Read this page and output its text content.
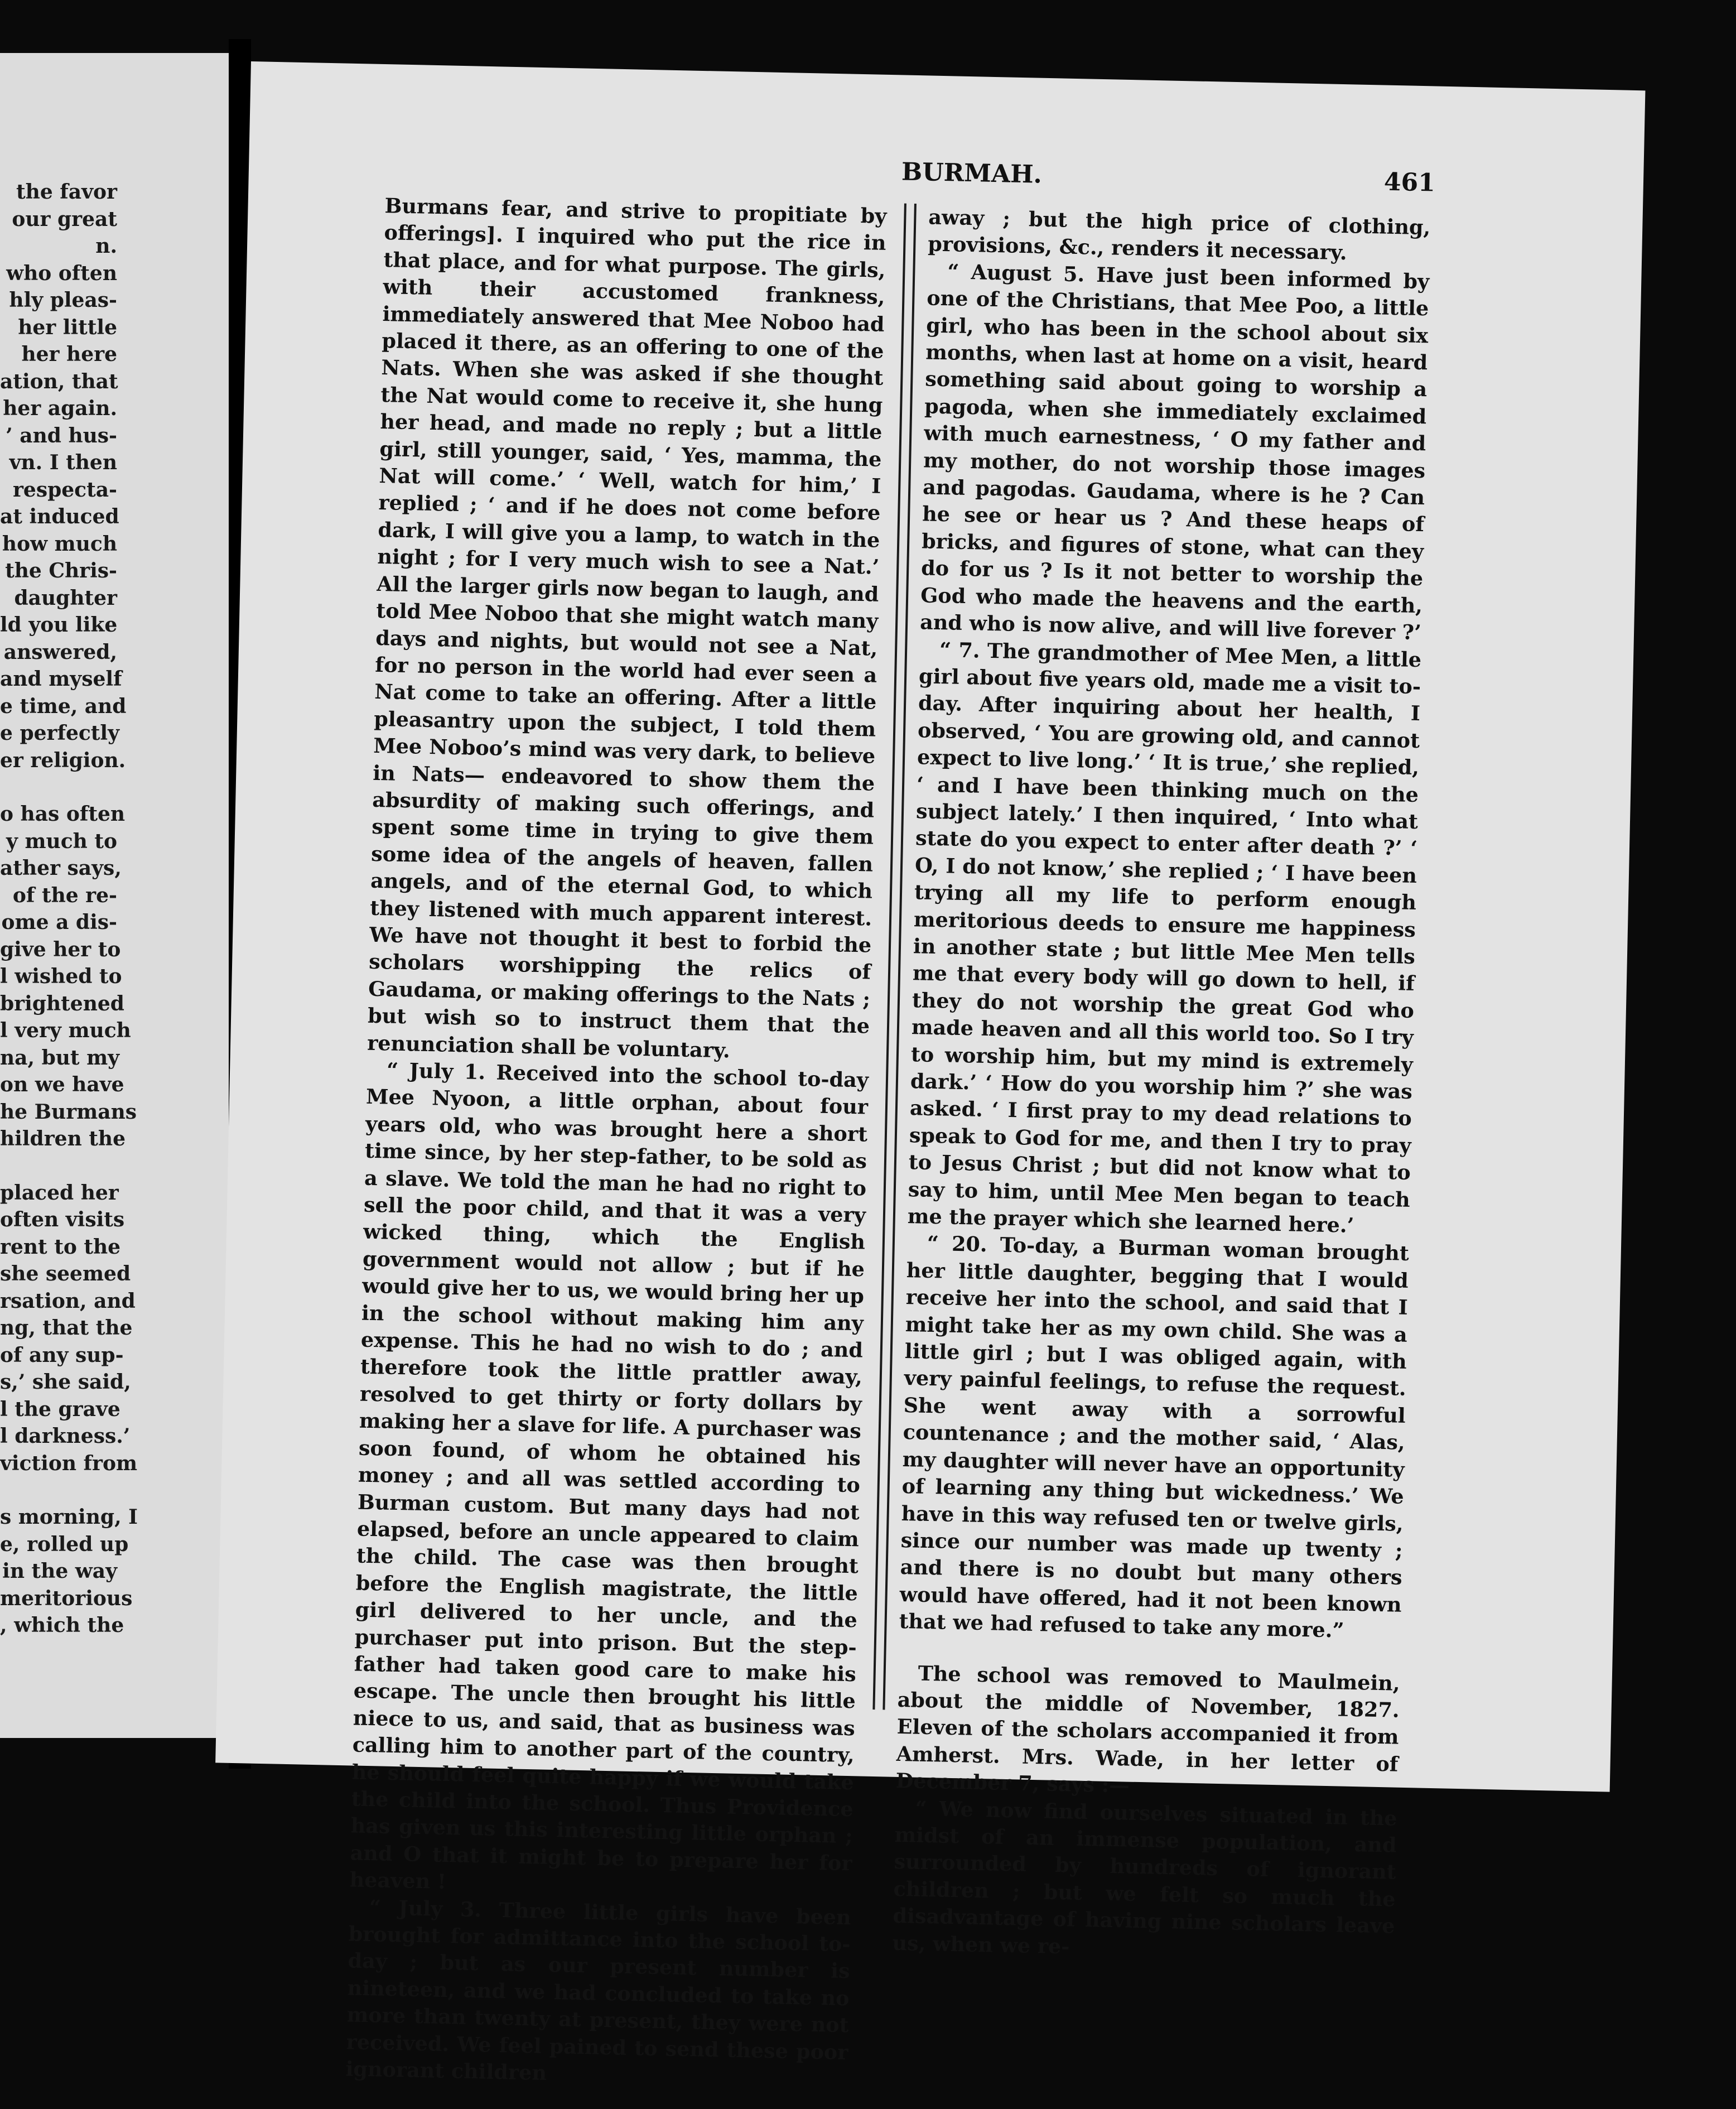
the favor
our great
n.
who often
hly pleas-
her little
her here
ation, that
her again.
’ and hus-
vn. I then
respecta-
at induced
how much
the Chris-
daughter
ld you like
answered,
and myself
e time, and
e perfectly
er religion.
o has often
y much to
ather says,
of the re-
ome a dis-
give her to
l wished to
brightened
l very much
na, but my
on we have
he Burmans
hildren the
placed her
often visits
rent to the
she seemed
rsation, and
ng, that the
of any sup-
s,’ she said,
l the grave
l darkness.’
viction from
s morning, I
e, rolled up
in the way
meritorious
, which the
BURMAH.	461

Burmans fear, and strive to propitiate by offerings]. I inquired who put the rice in that place, and for what purpose. The girls, with their accustomed frankness, immediately answered that Mee Noboo had placed it there, as an offering to one of the Nats. When she was asked if she thought the Nat would come to receive it, she hung her head, and made no reply ; but a little girl, still younger, said, ‘ Yes, mamma, the Nat will come.’ ‘ Well, watch for him,’ I replied ; ‘ and if he does not come before dark, I will give you a lamp, to watch in the night ; for I very much wish to see a Nat.’ All the larger girls now began to laugh, and told Mee Noboo that she might watch many days and nights, but would not see a Nat, for no person in the world had ever seen a Nat come to take an offering. After a little pleasantry upon the subject, I told them Mee Noboo’s mind was very dark, to believe in Nats— endeavored to show them the absurdity of making such offerings, and spent some time in trying to give them some idea of the angels of heaven, fallen angels, and of the eternal God, to which they listened with much apparent interest. We have not thought it best to forbid the scholars worshipping the relics of Gaudama, or making offerings to the Nats ; but wish so to instruct them that the renunciation shall be voluntary.

“ July 1. Received into the school to-day Mee Nyoon, a little orphan, about four years old, who was brought here a short time since, by her step-father, to be sold as a slave. We told the man he had no right to sell the poor child, and that it was a very wicked thing, which the English government would not allow ; but if he would give her to us, we would bring her up in the school without making him any expense. This he had no wish to do ; and therefore took the little prattler away, resolved to get thirty or forty dollars by making her a slave for life. A purchaser was soon found, of whom he obtained his money ; and all was settled according to Burman custom. But many days had not elapsed, before an uncle appeared to claim the child. The case was then brought before the English magistrate, the little girl delivered to her uncle, and the purchaser put into prison. But the step-father had taken good care to make his escape. The uncle then brought his little niece to us, and said, that as business was calling him to another part of the country, he should feel quite happy if we would take the child into the school. Thus Providence has given us this interesting little orphan ; and O that it might be to prepare her for heaven !

“ July 3. Three little girls have been brought for admittance into the school to-day ; but as our present number is nineteen, and we had concluded to take no more than twenty at present, they were not received. We feel pained to send these poor ignorant children

away ; but the high price of clothing, provisions, &c., renders it necessary.

“ August 5. Have just been informed by one of the Christians, that Mee Poo, a little girl, who has been in the school about six months, when last at home on a visit, heard something said about going to worship a pagoda, when she immediately exclaimed with much earnestness, ‘ O my father and my mother, do not worship those images and pagodas. Gaudama, where is he ? Can he see or hear us ? And these heaps of bricks, and figures of stone, what can they do for us ? Is it not better to worship the God who made the heavens and the earth, and who is now alive, and will live forever ?’

“ 7. The grandmother of Mee Men, a little girl about five years old, made me a visit to-day. After inquiring about her health, I observed, ‘ You are growing old, and cannot expect to live long.’ ‘ It is true,’ she replied, ‘ and I have been thinking much on the subject lately.’ I then inquired, ‘ Into what state do you expect to enter after death ?’ ‘ O, I do not know,’ she replied ; ‘ I have been trying all my life to perform enough meritorious deeds to ensure me happiness in another state ; but little Mee Men tells me that every body will go down to hell, if they do not worship the great God who made heaven and all this world too. So I try to worship him, but my mind is extremely dark.’ ‘ How do you worship him ?’ she was asked. ‘ I first pray to my dead relations to speak to God for me, and then I try to pray to Jesus Christ ; but did not know what to say to him, until Mee Men began to teach me the prayer which she learned here.’

“ 20. To-day, a Burman woman brought her little daughter, begging that I would receive her into the school, and said that I might take her as my own child. She was a little girl ; but I was obliged again, with very painful feelings, to refuse the request. She went away with a sorrowful countenance ; and the mother said, ‘ Alas, my daughter will never have an opportunity of learning any thing but wickedness.’ We have in this way refused ten or twelve girls, since our number was made up twenty ; and there is no doubt but many others would have offered, had it not been known that we had refused to take any more.”

The school was removed to Maulmein, about the middle of November, 1827. Eleven of the scholars accompanied it from Amherst. Mrs. Wade, in her letter of December 7, says :—

“ We now find ourselves situated in the midst of an immense population, and surrounded by hundreds of ignorant children ; but we felt so much the disadvantage of having nine scholars leave us, when we re-
